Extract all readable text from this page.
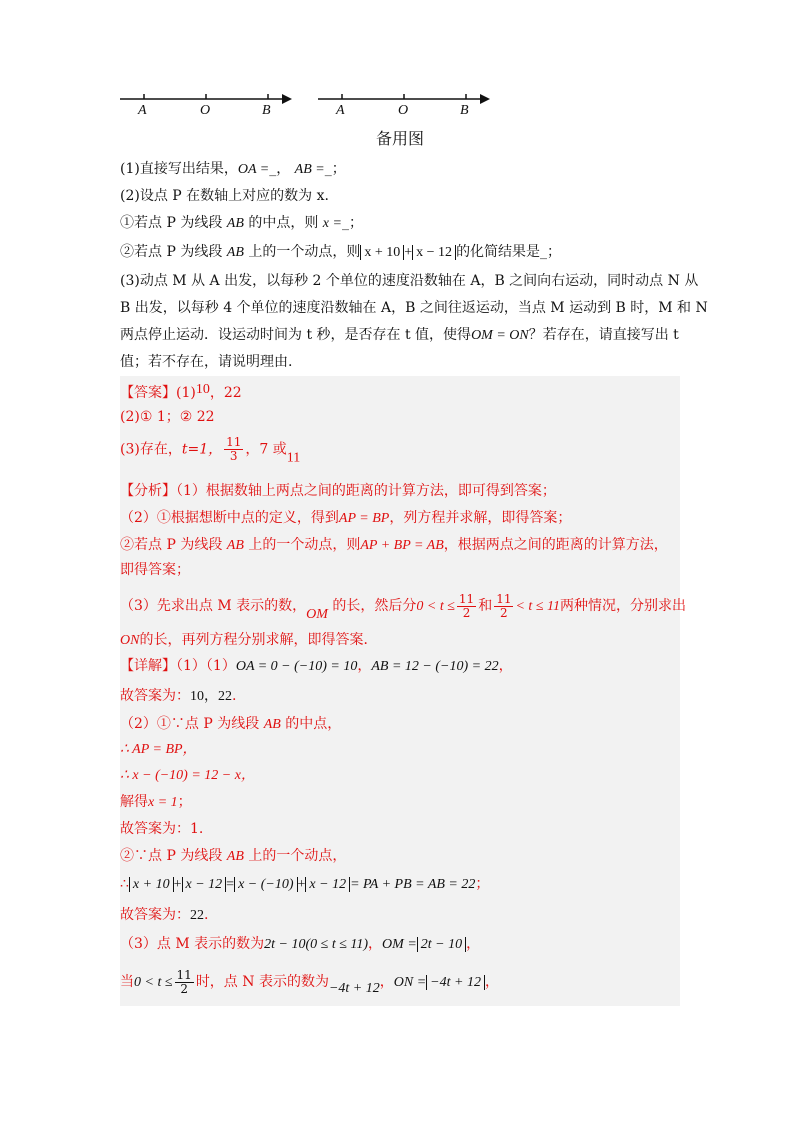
A	O	B	A	O	B
备用图
(1)直接写出结果，OA =_， AB =_；
(2)设点 P 在数轴上对应的数为 x.
①若点 P 为线段 AB 的中点，则 x =_；
②若点 P 为线段 AB 上的一个动点，则 x + 10 + x − 12 的化简结果是_；
(3)动点 M 从 A 出发，以每秒 2 个单位的速度沿数轴在 A，B 之间向右运动，同时动点 N 从
B 出发，以每秒 4 个单位的速度沿数轴在 A，B 之间往返运动，当点 M 运动到 B 时，M 和 N
两点停止运动．设运动时间为 t 秒，是否存在 t 值，使得OM = ON？若存在，请直接写出 t
值；若不存在，请说明理由.
【答案】(1)10，22
(2)① 1；② 22
(3)存在，t=1， $\frac{11}{3}$ ，7 或11
【分析】（1）根据数轴上两点之间的距离的计算方法，即可得到答案；
（2）①根据想断中点的定义，得到AP = BP，列方程并求解，即得答案；
②若点 P 为线段 AB 上的一个动点，则AP + BP = AB，根据两点之间的距离的计算方法，
即得答案；
（3）先求出点 M 表示的数，OM 的长，然后分$0 < t \le \frac{11}{2}$ 和 $\frac{11}{2} < t \le 11$两种情况，分别求出
ON的长，再列方程分别求解，即得答案．
【详解】（1）（1）OA = 0 − (−10) = 10，AB = 12 − (−10) = 22，
故答案为：10，22.
（2）①∵点 P 为线段 AB 的中点，
∴ AP = BP，
∴ x − (−10) = 12 − x，
解得x = 1；
故答案为：1.
②∵点 P 为线段 AB 上的一个动点，
∴ x + 10 + x − 12 = x − (−10) + x − 12 = PA + PB = AB = 22；
故答案为：22.
（3）点 M 表示的数为2t − 10(0 ≤ t ≤ 11)，OM = 2t − 10 ，
当$0 < t \le \frac{11}{2}$ 时，点 N 表示的数为−4t + 12，ON = −4t + 12 ，
